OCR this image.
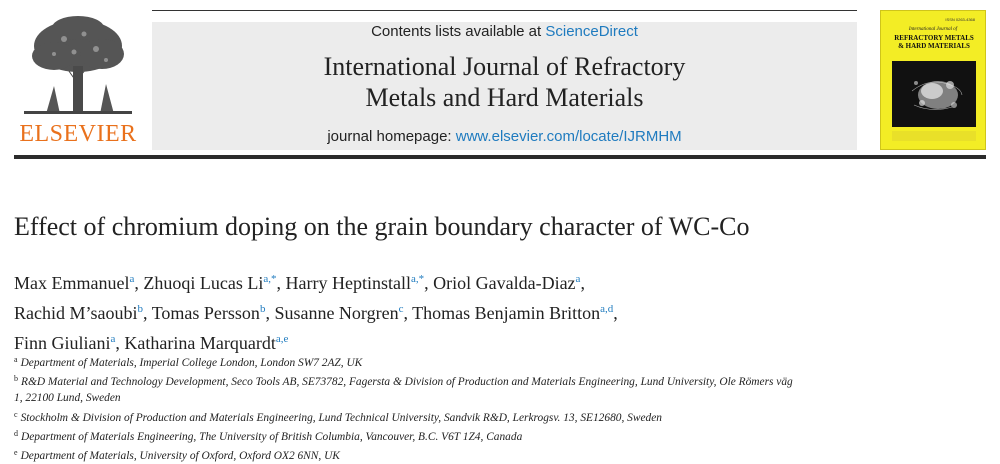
ELSEVIER
Contents lists available at ScienceDirect
International Journal of Refractory
Metals and Hard Materials
journal homepage: www.elsevier.com/locate/IJRMHM
ISSN 0263-4368
International Journal of
REFRACTORY METALS
& HARD MATERIALS
Effect of chromium doping on the grain boundary character of WC-Co
Max Emmanuel$^a$, Zhuoqi Lucas Li$^{a,*}$, Harry Heptinstall$^{a,*}$, Oriol Gavalda-Diaz$^a$,
Rachid M’saoubi$^b$, Tomas Persson$^b$, Susanne Norgren$^c$, Thomas Benjamin Britton$^{a,d}$,
Finn Giuliani$^a$, Katharina Marquardt$^{a,e}$
$^a$ Department of Materials, Imperial College London, London SW7 2AZ, UK
$^b$ R&D Material and Technology Development, Seco Tools AB, SE73782, Fagersta & Division of Production and Materials Engineering, Lund University, Ole Römers väg
1, 22100 Lund, Sweden
$^c$ Stockholm & Division of Production and Materials Engineering, Lund Technical University, Sandvik R&D, Lerkrogsv. 13, SE12680, Sweden
$^d$ Department of Materials Engineering, The University of British Columbia, Vancouver, B.C. V6T 1Z4, Canada
$^e$ Department of Materials, University of Oxford, Oxford OX2 6NN, UK
